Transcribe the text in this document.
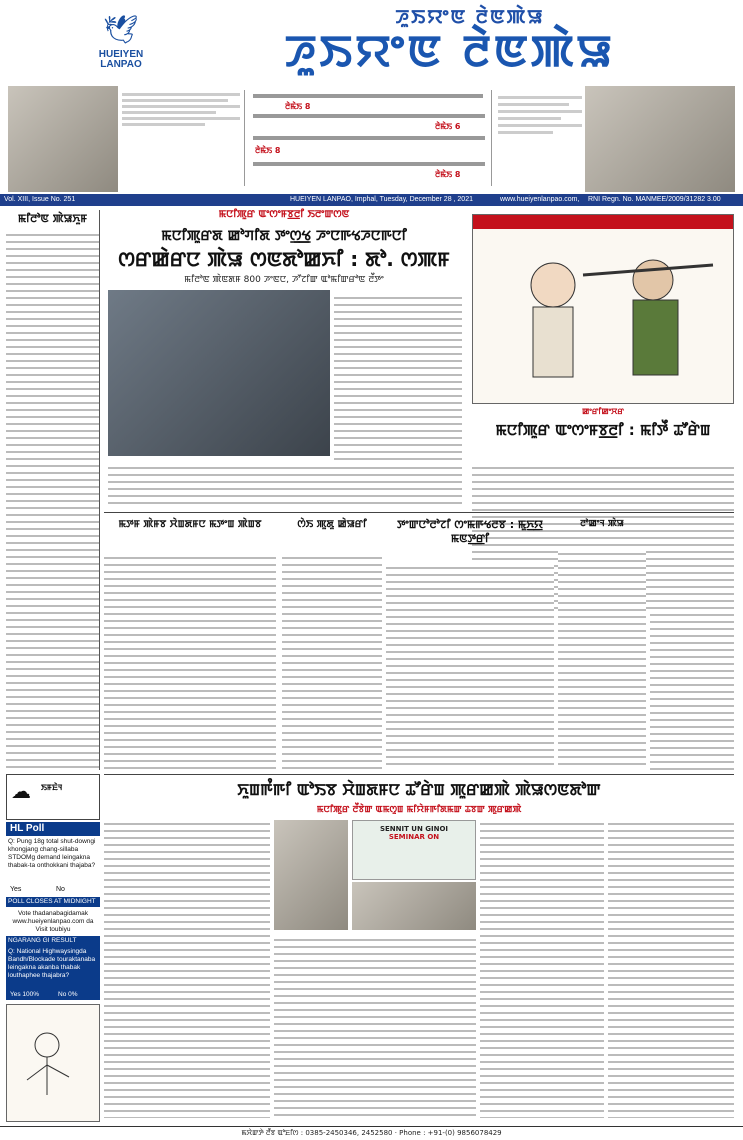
🕊
HUEIYEN LANPAO
ꯍꯨꯏꯌꯦꯟ ꯂꯥꯟꯄꯥꯎ
ꯍꯨꯏꯌꯦꯟ ꯂꯥꯟꯄꯥꯎ
ꯂꯥꯃꯥꯏ 8
ꯂꯥꯃꯥꯏ 6
ꯂꯥꯃꯥꯏ 8
ꯂꯥꯃꯥꯏ 8
Vol. XIII, Issue No. 251	HUEIYEN LANPAO, Imphal, Tuesday, December 28 , 2021	www.hueiyenlanpao.com, RNI Regn. No. MANMEE/2009/31282 3.00
ꯃꯤꯂꯣꯟ ꯄꯥꯎꯈꯨꯝ	ꯃꯅꯤꯄꯨꯔ ꯑꯦꯁꯦꯝꯕ꯭ꯂꯤ ꯏꯂꯦꯛꯁꯟ
ꯃꯅꯤꯄꯨꯔꯗ ꯀꯣꯚꯤꯗ ꯇꯦꯁ꯭ꯠ ꯍꯦꯅꯒꯠꯍꯅꯒꯅꯤ
ꯁꯔꯀꯥꯔꯅ ꯄꯥꯎ ꯁꯟꯗꯣꯀꯈꯤ : ꯗꯣ. ꯁꯄꯝ
ꯃꯤꯂꯣꯟ ꯄꯥꯟꯗꯝ 800 ꯍꯦꯟꯅ, ꯍꯧꯖꯤꯛ ꯑꯣꯃꯤꯛꯔꯣꯟ ꯂꯩꯇꯦ
ꯀꯦꯔꯤꯀꯦꯆꯔ
ꯃꯅꯤꯄꯨꯔ ꯑꯦꯁꯦꯝꯕ꯭ꯂꯤ : ꯃꯤꯇꯩ ꯊꯧꯔꯥꯡ
ꯃꯇꯝ ꯄꯥꯝꯕ ꯆꯥꯡꯗꯝꯅ ꯃꯇꯦꯡ ꯄꯥꯡꯕ	ꯁꯥꯏ ꯄꯨꯗꯨ ꯀꯥꯎꯔꯤ	ꯇꯦꯛꯅꯣꯂꯣꯖꯤ ꯁꯦꯃꯒꯠꯂꯕ : ꯃꯨꯈ꯭ꯌ ꯃꯟꯇ꯭ꯔꯤ
ꯂꯣꯀꯦꯜ ꯄꯥꯎ
☁ ꯏꯝꯐꯥꯜ
HL Poll
Q: Pung 18g total shut-downgi khongjang chang-sillaba STDOMg demand leingakna thabak-ta onthokkani thajaba?
Yes	No
POLL CLOSES AT MIDNIGHT
Vote thadanabagidamak www.hueiyenlanpao.com da Visit toubiyu
NGARANG GI RESULT
Q: National Highwaysingda Bandh/Blockade touraktanaba leingakna akanba thabak louthaphee thajabra?
Yes 100%	No 0%
ꯈꯨꯡꯒꯪꯒꯤ ꯑꯣꯏꯕ ꯆꯥꯡꯗꯝꯅ ꯊꯧꯔꯥꯡ ꯄꯨꯔꯀꯄꯥ ꯄꯥꯎꯁꯟꯗꯣꯛ
ꯃꯅꯤꯄꯨꯔ ꯂꯩꯕꯥꯛ ꯑꯃꯁꯨꯡ ꯃꯤꯌꯥꯝꯒꯤꯗꯃꯛ ꯊꯕꯛ ꯄꯨꯔꯀꯄꯥ
SENNIT UN GINOI
SEMINAR ON
ꯃꯆꯥꯛꯇꯥ ꯂꯩꯕ ꯑꯣꯐꯤꯁ : 0385-2450346, 2452580 · Phone : +91-(0) 9856078429
